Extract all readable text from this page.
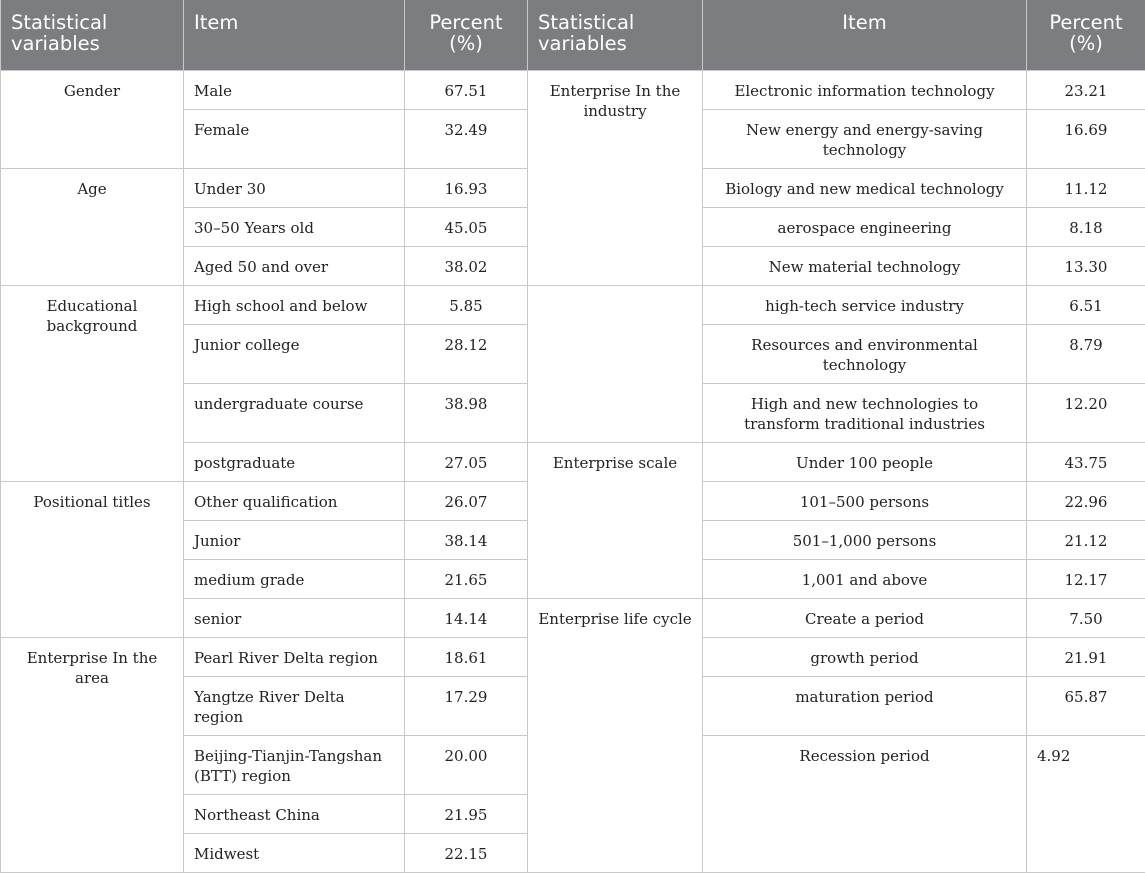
Statistical variables	Item	Percent (%)	Statistical variables	Item	Percent (%)
Gender	Male	67.51	Enterprise In the industry	Electronic information technology	23.21
	Female	32.49		New energy and energy-saving technology	16.69
Age	Under 30	16.93		Biology and new medical technology	11.12
	30–50 Years old	45.05		aerospace engineering	8.18
	Aged 50 and over	38.02		New material technology	13.30
Educational background	High school and below	5.85		high-tech service industry	6.51
	Junior college	28.12		Resources and environmental technology	8.79
	undergraduate course	38.98		High and new technologies to transform traditional industries	12.20
	postgraduate	27.05	Enterprise scale	Under 100 people	43.75
Positional titles	Other qualification	26.07		101–500 persons	22.96
	Junior	38.14		501–1,000 persons	21.12
	medium grade	21.65		1,001 and above	12.17
	senior	14.14	Enterprise life cycle	Create a period	7.50
Enterprise In the area	Pearl River Delta region	18.61		growth period	21.91
	Yangtze River Delta region	17.29		maturation period	65.87
	Beijing-Tianjin-Tangshan (BTT) region	20.00		Recession period	4.92
	Northeast China	21.95			
	Midwest	22.15			
